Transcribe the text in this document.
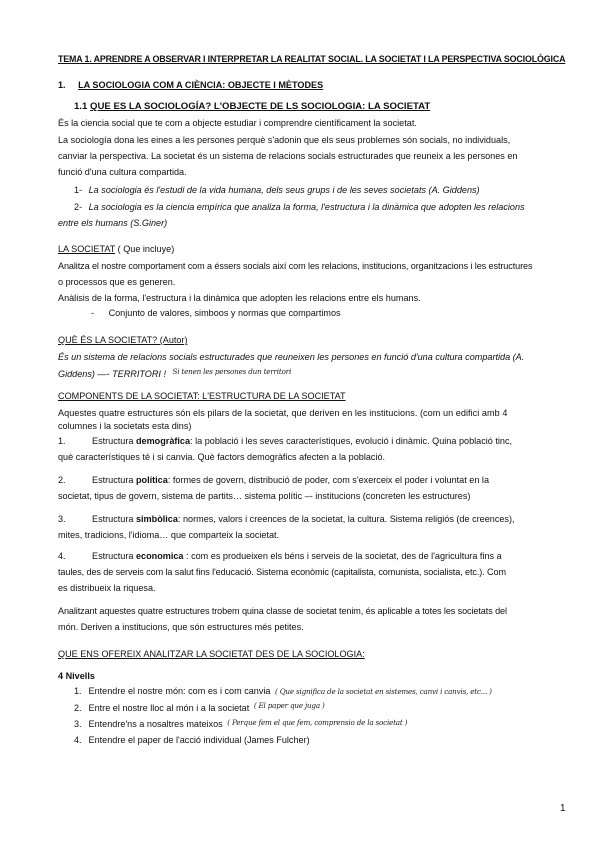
TEMA 1. APRENDRE A OBSERVAR I INTERPRETAR LA REALITAT SOCIAL. LA SOCIETAT I LA PERSPECTIVA SOCIOLÒGICA
1. LA SOCIOLOGIA COM A CIÈNCIA: OBJECTE I MÈTODES
1.1 QUE ES LA SOCIOLOGÍA? L'OBJECTE DE LS SOCIOLOGIA: LA SOCIETAT
És la ciencia social que te com a objecte estudiar i comprendre científicament la societat.
La sociología dona les eines a les persones perquè s'adonin que els seus problemes són socials, no individuals,
canviar la perspectiva. La societat és un sistema de relacions socials estructurades que reuneix a les persones en
funció d'una cultura compartida.
1- La sociologia és l'estudi de la vida humana, dels seus grups i de les seves societats (A. Giddens)
2- La sociologia es la ciencia empírica que analiza la forma, l'estructura i la dinàmica que adopten les relacions
entre els humans (S.Giner)
LA SOCIETAT ( Que incluye)
Analitza el nostre comportament com a éssers socials així com les relacions, institucions, organitzacions i les estructures
o processos que es generen.
Anàlisis de la forma, l'estructura i la dinàmica que adopten les relacions entre els humans.
- Conjunto de valores, simboos y normas que compartimos
QUÈ ÉS LA SOCIETAT? (Autor)
És un sistema de relacions socials estructurades que reuneixen les persones en funció d'una cultura compartida (A.
Giddens) —- TERRITORI ! $^{Si tenen les persones dun territori}$
COMPONENTS DE LA SOCIETAT: L'ESTRUCTURA DE LA SOCIETAT
Aquestes quatre estructures són els pilars de la societat, que deriven en les institucions. (com un edifici amb 4
columnes i la societats esta dins)
1.	Estructura demogràfica: la població i les seves característiques, evolució i dinàmic. Quina població tinc,
què característiques té i si canvia. Què factors demogràfics afecten a la població.
2.	Estructura política: formes de govern, distribució de poder, com s'exerceix el poder i voluntat en la
societat, tipus de govern, sistema de partits… sistema polític –- institucions (concreten les estructures)
3.	Estructura simbòlica: normes, valors i creences de la societat, la cultura. Sistema religiós (de creences),
mites, tradicions, l'idioma… que comparteix la societat.
4.	Estructura economica : com es produeixen els béns i serveis de la societat, des de l'agricultura fins a
taules, des de serveis com la salut fins l'educació. Sistema econòmic (capitalista, comunista, socialista, etc.). Com
es distribueix la riquesa.
Analitzant aquestes quatre estructures trobem quina classe de societat tenim, és aplicable a totes les societats del
món. Deriven a institucions, que són estructures més petites.
QUE ENS OFEREIX ANALITZAR LA SOCIETAT DES DE LA SOCIOLOGIA:
4 Nivells
1. Entendre el nostre món: com es i com canvia ( Que significa de la societat en sistemes, canvi i canvis, etc... )
2. Entre el nostre lloc al món i a la societat $^{( El paper que juga )}$
3. Entendre'ns a nosaltres mateixos $^{( Perque fem el que fem, comprensio de la societat )}$
4. Entendre el paper de l'acció individual (James Fulcher)
1
